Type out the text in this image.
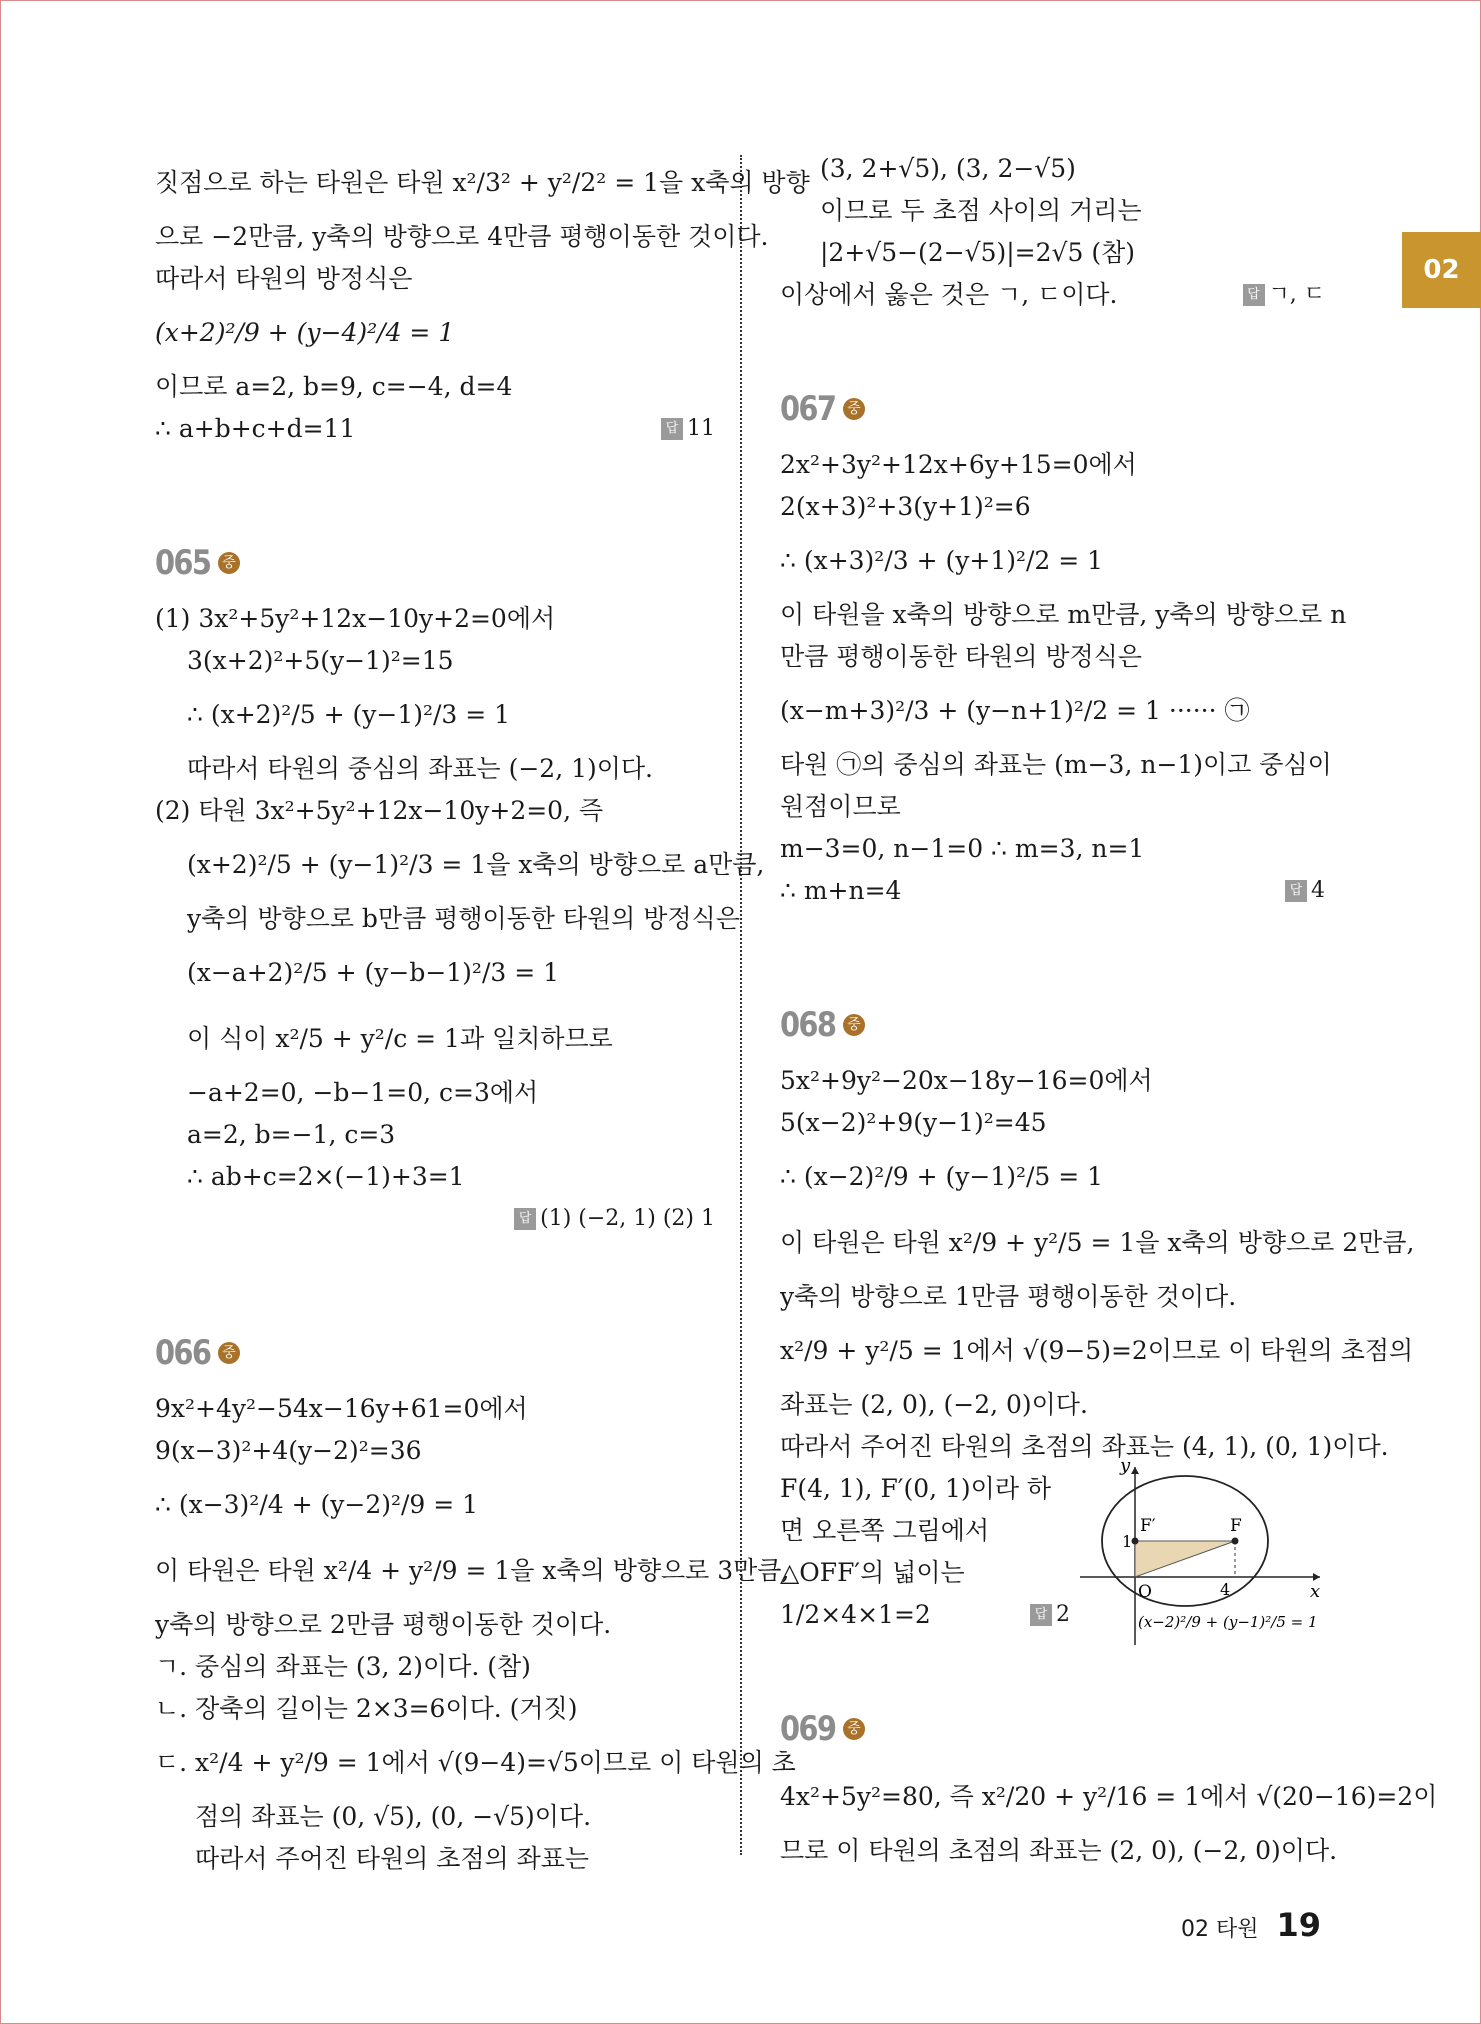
02
짓점으로 하는 타원은 타원 x²/3² + y²/2² = 1을 x축의 방향
으로 −2만큼, y축의 방향으로 4만큼 평행이동한 것이다.
따라서 타원의 방정식은
(x+2)²/9 + (y−4)²/4 = 1
이므로 a=2, b=9, c=−4, d=4
∴ a+b+c+d=11	답 11
065 중
(1) 3x²+5y²+12x−10y+2=0에서
3(x+2)²+5(y−1)²=15
∴ (x+2)²/5 + (y−1)²/3 = 1
따라서 타원의 중심의 좌표는 (−2, 1)이다.
(2) 타원 3x²+5y²+12x−10y+2=0, 즉
(x+2)²/5 + (y−1)²/3 = 1을 x축의 방향으로 a만큼,
y축의 방향으로 b만큼 평행이동한 타원의 방정식은
(x−a+2)²/5 + (y−b−1)²/3 = 1
이 식이 x²/5 + y²/c = 1과 일치하므로
−a+2=0, −b−1=0, c=3에서
a=2, b=−1, c=3
∴ ab+c=2×(−1)+3=1
답 (1) (−2, 1) (2) 1
066 중
9x²+4y²−54x−16y+61=0에서
9(x−3)²+4(y−2)²=36
∴ (x−3)²/4 + (y−2)²/9 = 1
이 타원은 타원 x²/4 + y²/9 = 1을 x축의 방향으로 3만큼,
y축의 방향으로 2만큼 평행이동한 것이다.
ㄱ. 중심의 좌표는 (3, 2)이다. (참)
ㄴ. 장축의 길이는 2×3=6이다. (거짓)
ㄷ. x²/4 + y²/9 = 1에서 √(9−4)=√5이므로 이 타원의 초
점의 좌표는 (0, √5), (0, −√5)이다.
따라서 주어진 타원의 초점의 좌표는
(3, 2+√5), (3, 2−√5)
이므로 두 초점 사이의 거리는
|2+√5−(2−√5)|=2√5 (참)
이상에서 옳은 것은 ㄱ, ㄷ이다.	답 ㄱ, ㄷ
067 중
2x²+3y²+12x+6y+15=0에서
2(x+3)²+3(y+1)²=6
∴ (x+3)²/3 + (y+1)²/2 = 1
이 타원을 x축의 방향으로 m만큼, y축의 방향으로 n
만큼 평행이동한 타원의 방정식은
(x−m+3)²/3 + (y−n+1)²/2 = 1 ······ ㉠
타원 ㉠의 중심의 좌표는 (m−3, n−1)이고 중심이
원점이므로
m−3=0, n−1=0 ∴ m=3, n=1
∴ m+n=4	답 4
068 중
5x²+9y²−20x−18y−16=0에서
5(x−2)²+9(y−1)²=45
∴ (x−2)²/9 + (y−1)²/5 = 1
이 타원은 타원 x²/9 + y²/5 = 1을 x축의 방향으로 2만큼,
y축의 방향으로 1만큼 평행이동한 것이다.
x²/9 + y²/5 = 1에서 √(9−5)=2이므로 이 타원의 초점의
좌표는 (2, 0), (−2, 0)이다.
따라서 주어진 타원의 초점의 좌표는 (4, 1), (0, 1)이다.
F(4, 1), F′(0, 1)이라 하
면 오른쪽 그림에서
△OFF′의 넓이는
1/2×4×1=2	답 2
069 중
4x²+5y²=80, 즉 x²/20 + y²/16 = 1에서 √(20−16)=2이
므로 이 타원의 초점의 좌표는 (2, 0), (−2, 0)이다.
y
x
O
1
4
F
F′
(x−2)²/9 + (y−1)²/5 = 1
02 타원 19
